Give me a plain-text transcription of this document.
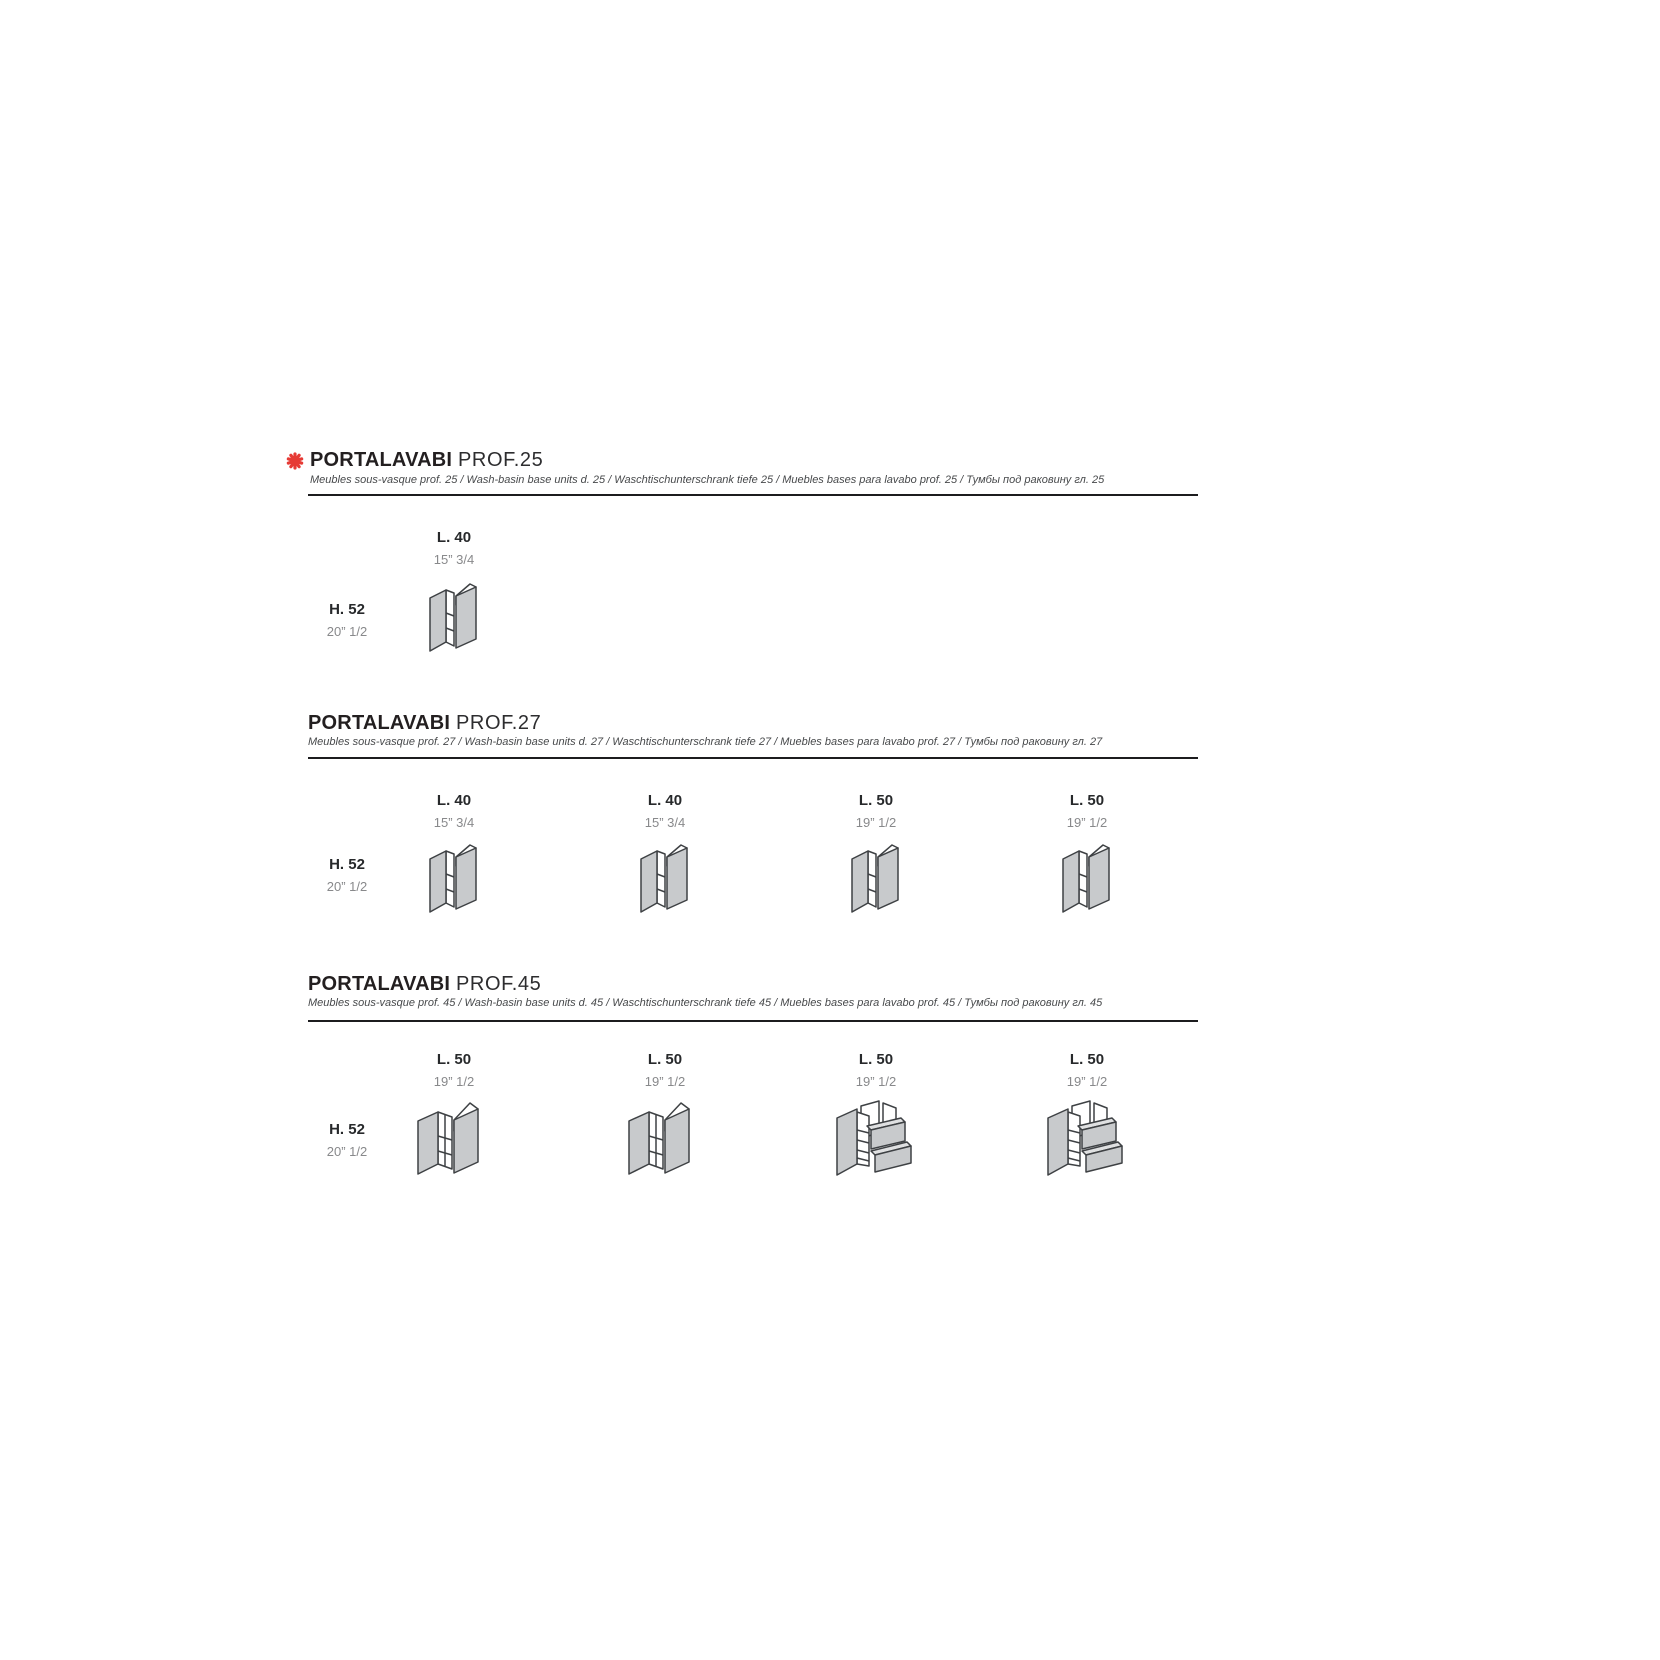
PORTALAVABI PROF.25

Meubles sous-vasque prof. 25 / Wash-basin base units d. 25 / Waschtischunterschrank tiefe 25 / Muebles bases para lavabo prof. 25 / Тумбы под раковину гл. 25

L. 40
15” 3/4
H. 52
20” 1/2
PORTALAVABI PROF.27

Meubles sous-vasque prof. 27 / Wash-basin base units d. 27 / Waschtischunterschrank tiefe 27 / Muebles bases para lavabo prof. 27 / Тумбы под раковину гл. 27

L. 40
15” 3/4
L. 40
15” 3/4
L. 50
19” 1/2
L. 50
19” 1/2
H. 52
20” 1/2
PORTALAVABI PROF.45

Meubles sous-vasque prof. 45 / Wash-basin base units d. 45 / Waschtischunterschrank tiefe 45 / Muebles bases para lavabo prof. 45 / Тумбы под раковину гл. 45

L. 50
19” 1/2
L. 50
19” 1/2
L. 50
19” 1/2
L. 50
19” 1/2
H. 52
20” 1/2
